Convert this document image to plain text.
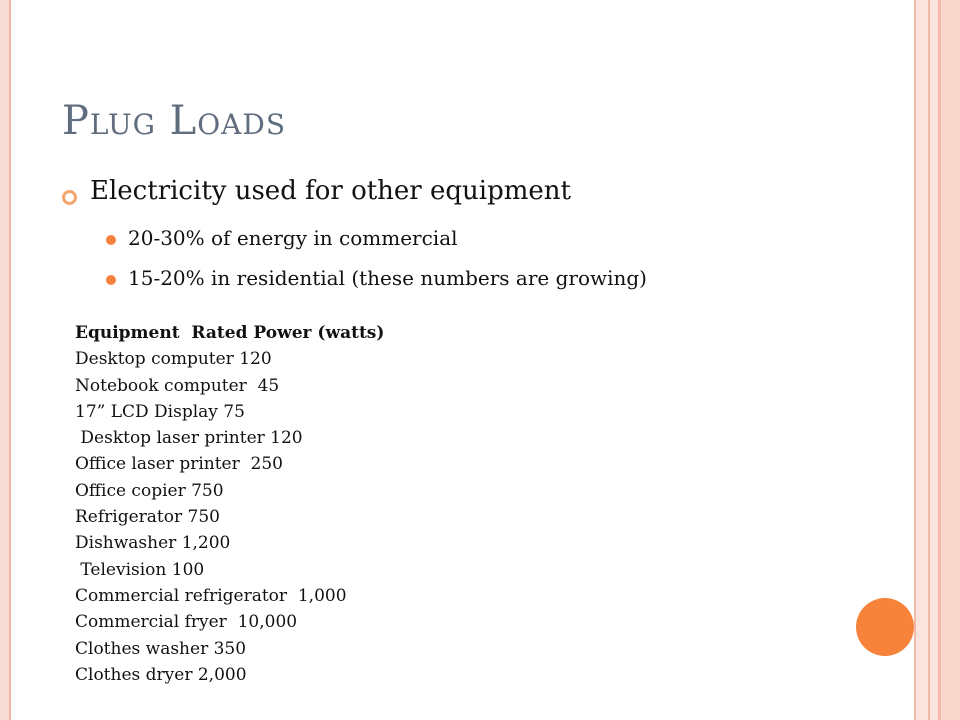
Plug Loads
Electricity used for other equipment
20-30% of energy in commercial
15-20% in residential (these numbers are growing)
Equipment  Rated Power (watts)
Desktop computer 120
Notebook computer  45
17” LCD Display 75
Desktop laser printer 120
Office laser printer  250
Office copier 750
Refrigerator 750
Dishwasher 1,200
Television 100
Commercial refrigerator  1,000
Commercial fryer  10,000
Clothes washer 350
Clothes dryer 2,000
